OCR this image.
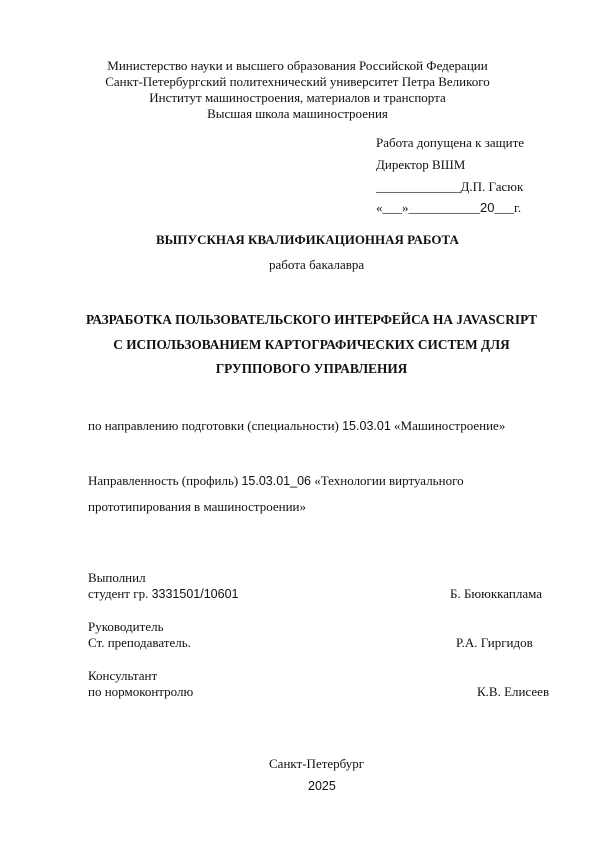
Министерство науки и высшего образования Российской Федерации
Санкт-Петербургский политехнический университет Петра Великого
Институт машиностроения, материалов и транспорта
Высшая школа машиностроения
Работа допущена к защите
Директор ВШМ
_____________Д.П. Гасюк
«___»___________20___г.
ВЫПУСКНАЯ КВАЛИФИКАЦИОННАЯ РАБОТА
работа бакалавра
РАЗРАБОТКА ПОЛЬЗОВАТЕЛЬСКОГО ИНТЕРФЕЙСА НА JAVASCRIPT
С ИСПОЛЬЗОВАНИЕМ КАРТОГРАФИЧЕСКИХ СИСТЕМ ДЛЯ
ГРУППОВОГО УПРАВЛЕНИЯ
по направлению подготовки (специальности) 15.03.01 «Машиностроение»
Направленность (профиль) 15.03.01_06 «Технологии виртуального
прототипирования в машиностроении»
Выполнил
студент гр. 3331501/10601	Б. Бююккаплама
Руководитель
Ст. преподаватель.	Р.А. Гиргидов
Консультант
по нормоконтролю	К.В. Елисеев
Санкт-Петербург
2025
